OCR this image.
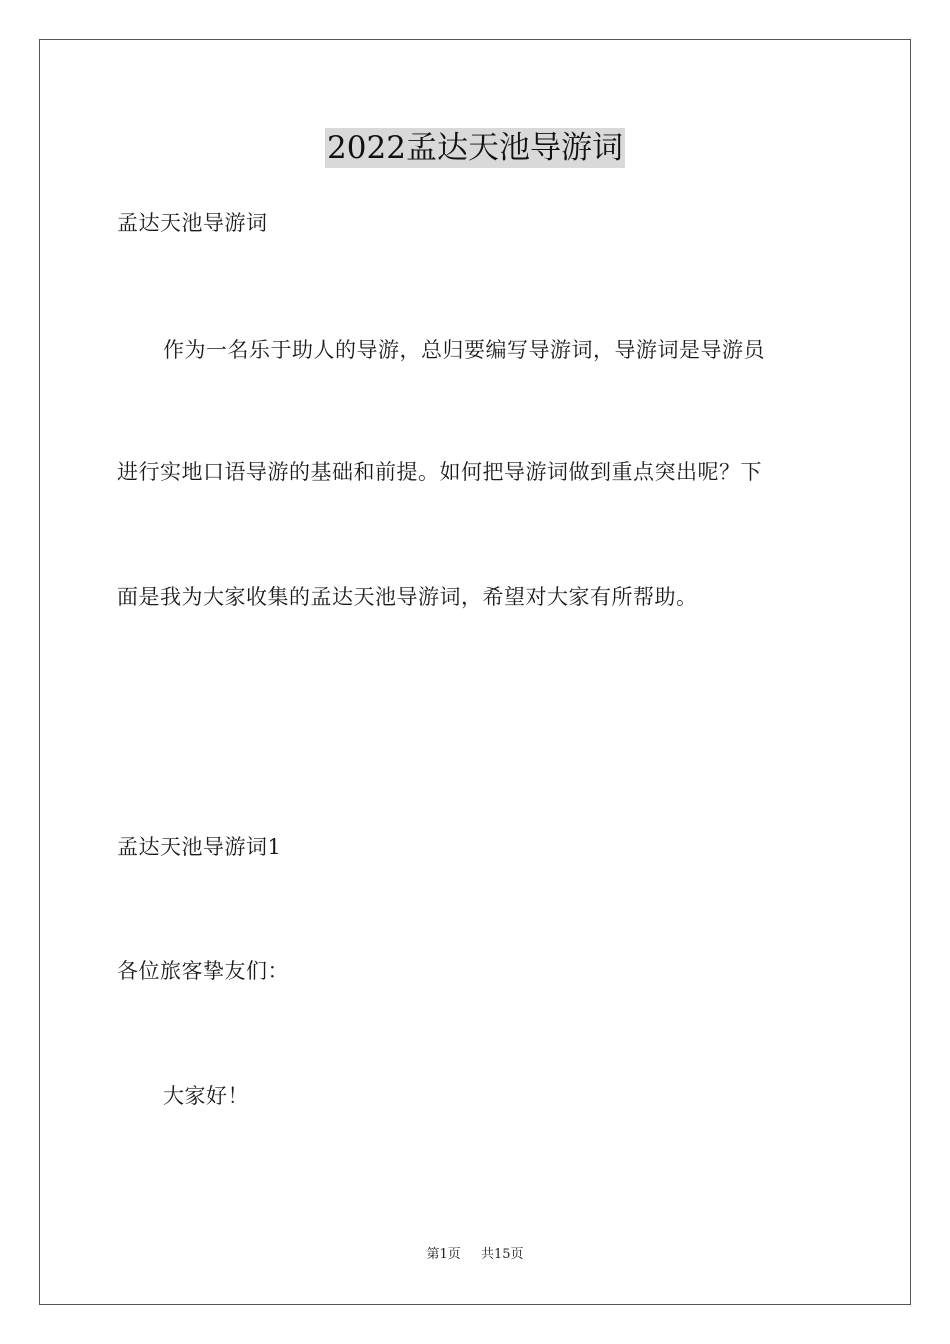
2022孟达天池导游词
孟达天池导游词
作为一名乐于助人的导游，总归要编写导游词，导游词是导游员
进行实地口语导游的基础和前提。如何把导游词做到重点突出呢？下
面是我为大家收集的孟达天池导游词，希望对大家有所帮助。
孟达天池导游词1
各位旅客挚友们：
大家好！
第1页 共15页
